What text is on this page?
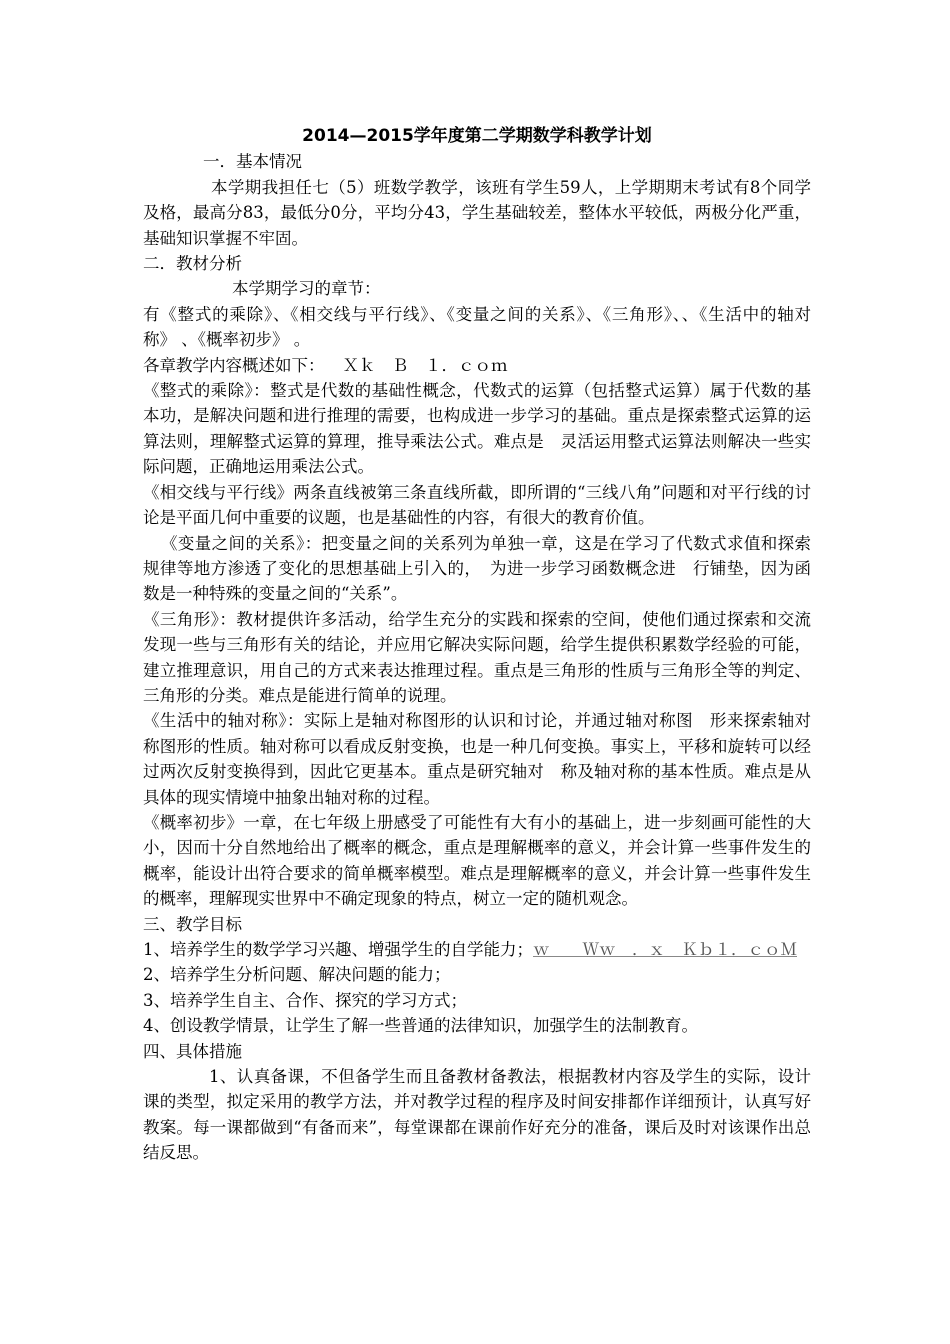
2014—2015学年度第二学期数学科教学计划

一．基本情况

本学期我担任七（5）班数学教学，该班有学生59人，上学期期末考试有8个同学及格，最高分83，最低分0分，平均分43，学生基础较差，整体水平较低，两极分化严重，基础知识掌握不牢固。

二．教材分析

本学期学习的章节：

有《整式的乘除》、《相交线与平行线》、《变量之间的关系》、《三角形》、、《生活中的轴对称》 、《概率初步》 。

各章教学内容概述如下： Ｘｋ　Ｂ　１．ｃｏｍ

《整式的乘除》：整式是代数的基础性概念，代数式的运算（包括整式运算）属于代数的基本功，是解决问题和进行推理的需要，也构成进一步学习的基础。重点是探索整式运算的运算法则，理解整式运算的算理，推导乘法公式。难点是　灵活运用整式运算法则解决一些实际问题，正确地运用乘法公式。

《相交线与平行线》两条直线被第三条直线所截，即所谓的“三线八角”问题和对平行线的讨论是平面几何中重要的议题，也是基础性的内容，有很大的教育价值。

《变量之间的关系》：把变量之间的关系列为单独一章，这是在学习了代数式求值和探索规律等地方渗透了变化的思想基础上引入的，　为进一步学习函数概念进　行铺垫，因为函数是一种特殊的变量之间的“关系”。

《三角形》：教材提供许多活动，给学生充分的实践和探索的空间，使他们通过探索和交流发现一些与三角形有关的结论，并应用它解决实际问题，给学生提供积累数学经验的可能，建立推理意识，用自己的方式来表达推理过程。重点是三角形的性质与三角形全等的判定、三角形的分类。难点是能进行简单的说理。

《生活中的轴对称》：实际上是轴对称图形的认识和讨论，并通过轴对称图　形来探索轴对称图形的性质。轴对称可以看成反射变换，也是一种几何变换。事实上，平移和旋转可以经过两次反射变换得到，因此它更基本。重点是研究轴对　称及轴对称的基本性质。难点是从具体的现实情境中抽象出轴对称的过程。

《概率初步》一章，在七年级上册感受了可能性有大有小的基础上，进一步刻画可能性的大小，因而十分自然地给出了概率的概念，重点是理解概率的意义，并会计算一些事件发生的概率，能设计出符合要求的简单概率模型。难点是理解概率的意义，并会计算一些事件发生的概率，理解现实世界中不确定现象的特点，树立一定的随机观念。

三、教学目标

1、培养学生的数学学习兴趣、增强学生的自学能力；ｗ　　Ｗｗ　．ｘ　Ｋｂ１．ｃｏＭ

2、培养学生分析问题、解决问题的能力；

3、培养学生自主、合作、探究的学习方式；

4、创设教学情景，让学生了解一些普通的法律知识，加强学生的法制教育。

四、具体措施

1、认真备课，不但备学生而且备教材备教法，根据教材内容及学生的实际，设计课的类型，拟定采用的教学方法，并对教学过程的程序及时间安排都作详细预计，认真写好教案。每一课都做到“有备而来”，每堂课都在课前作好充分的准备，课后及时对该课作出总结反思。
